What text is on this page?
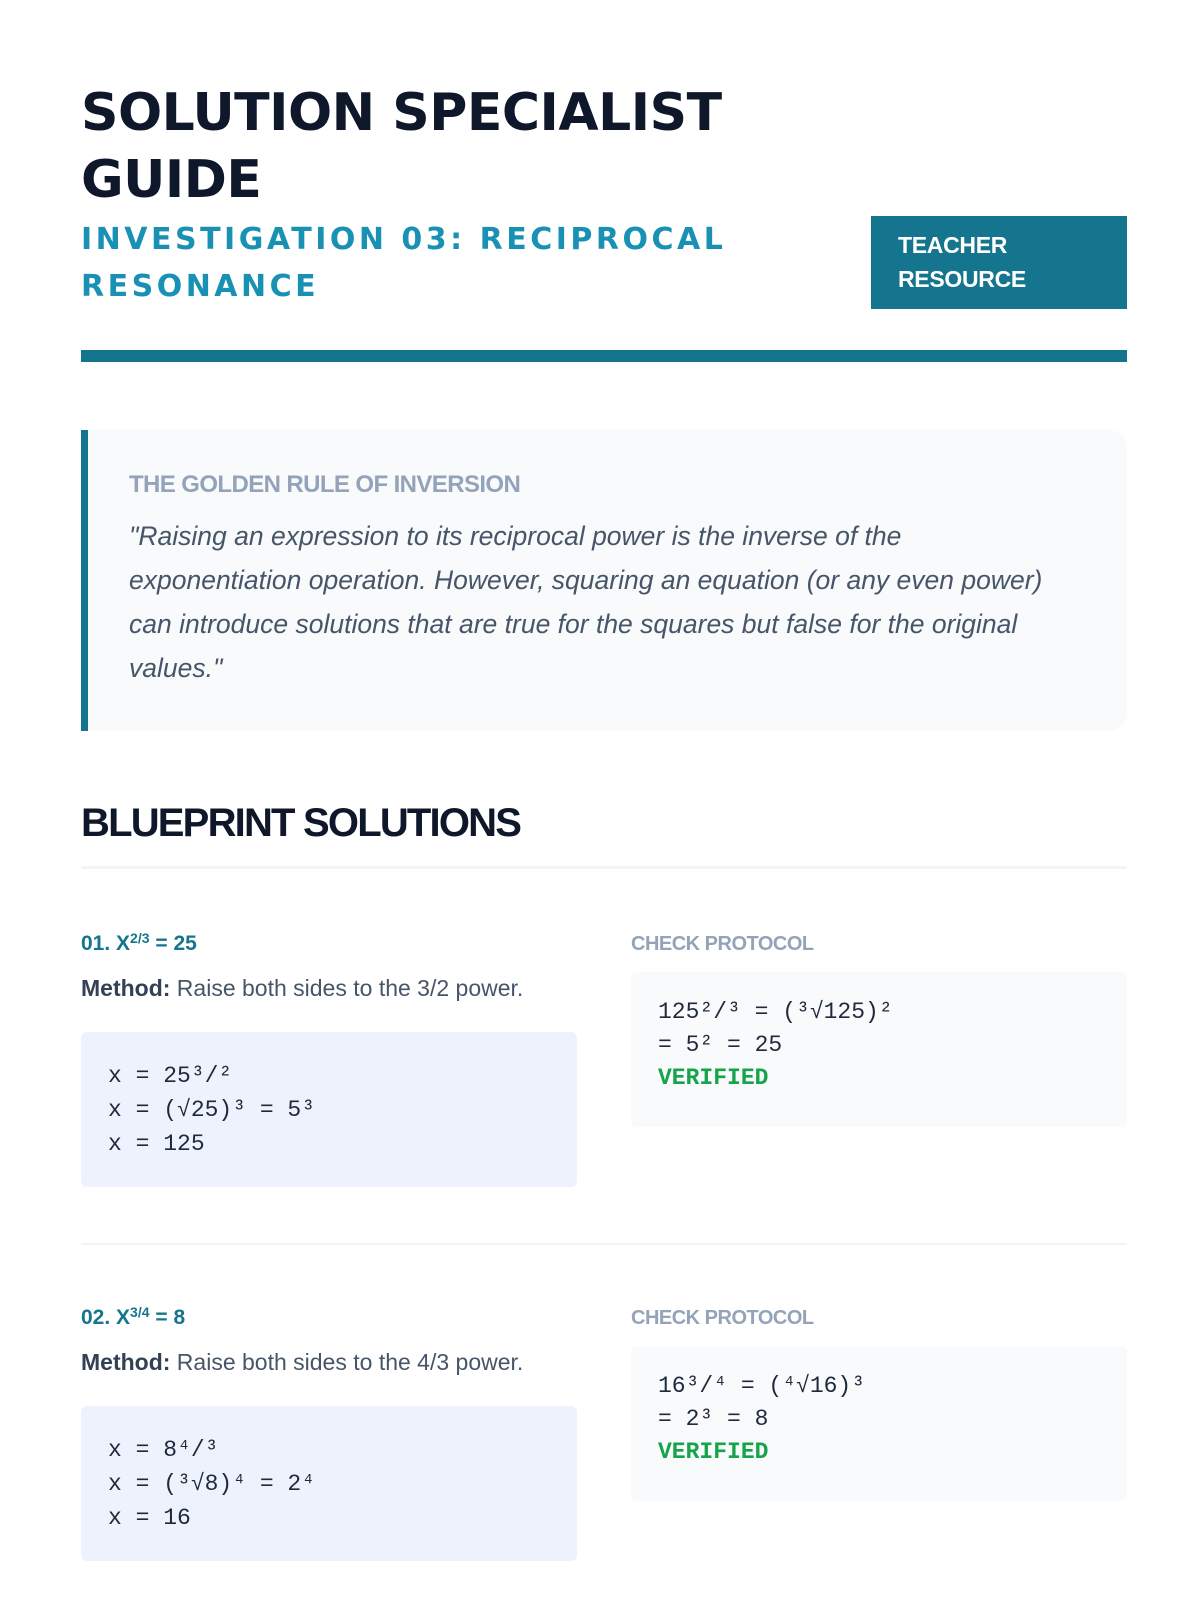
SOLUTION SPECIALIST GUIDE
INVESTIGATION 03: RECIPROCAL RESONANCE
TEACHER RESOURCE
THE GOLDEN RULE OF INVERSION

"Raising an expression to its reciprocal power is the inverse of the exponentiation operation. However, squaring an equation (or any even power) can introduce solutions that are true for the squares but false for the original values."

BLUEPRINT SOLUTIONS
01. $X^{2/3} = 25$
Method: Raise both sides to the 3/2 power.
x = 25³/²
x = (√25)³ = 5³
x = 125
CHECK PROTOCOL
125²/³ = (³√125)²
= 5² = 25
VERIFIED
02. $X^{3/4} = 8$
Method: Raise both sides to the 4/3 power.
x = 8⁴/³
x = (³√8)⁴ = 2⁴
x = 16
CHECK PROTOCOL
16³/⁴ = (⁴√16)³
= 2³ = 8
VERIFIED
